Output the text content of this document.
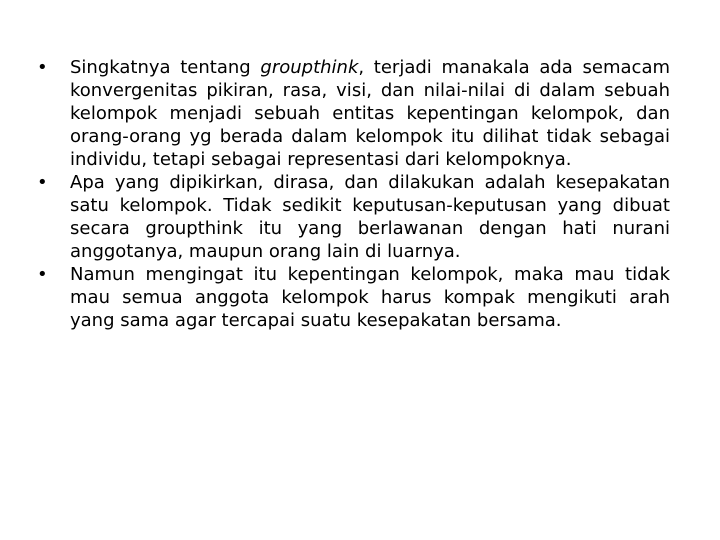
•	Singkatnya tentang groupthink, terjadi manakala ada semacam konvergenitas pikiran, rasa, visi, dan nilai-nilai di dalam sebuah kelompok menjadi sebuah entitas kepentingan kelompok, dan orang-orang yg berada dalam kelompok itu dilihat tidak sebagai individu, tetapi sebagai representasi dari kelompoknya.
•	Apa yang dipikirkan, dirasa, dan dilakukan adalah kesepakatan satu kelompok. Tidak sedikit keputusan-keputusan yang dibuat secara groupthink itu yang berlawanan dengan hati nurani anggotanya, maupun orang lain di luarnya.
•	Namun mengingat itu kepentingan kelompok, maka mau tidak mau semua anggota kelompok harus kompak mengikuti arah yang sama agar tercapai suatu kesepakatan bersama.
